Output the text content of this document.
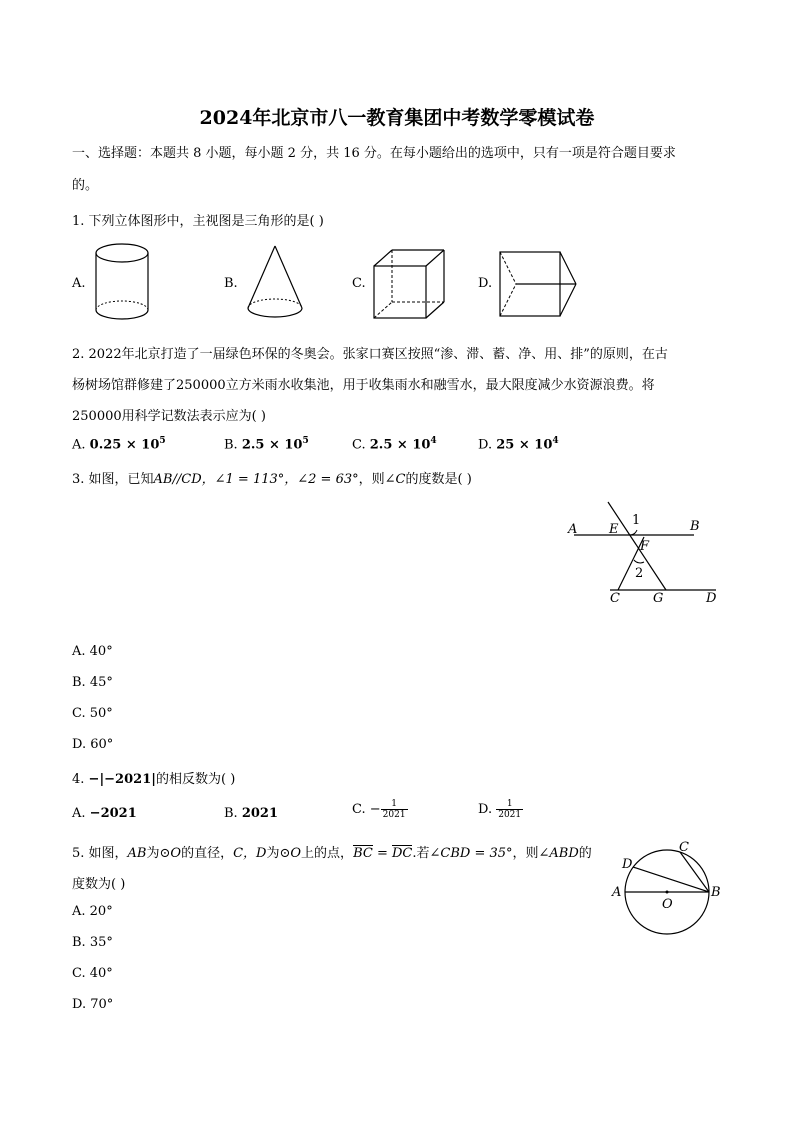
2024年北京市八一教育集团中考数学零模试卷
一、选择题：本题共 8 小题，每小题 2 分，共 16 分。在每小题给出的选项中，只有一项是符合题目要求
的。
1. 下列立体图形中，主视图是三角形的是( )
A.	B.	C.	D.
2. 2022年北京打造了一届绿色环保的冬奥会。张家口赛区按照“渗、滞、蓄、净、用、排”的原则，在古
杨树场馆群修建了250000立方米雨水收集池，用于收集雨水和融雪水，最大限度减少水资源浪费。将
250000用科学记数法表示应为( )
A. $0.25 \times 10^5$	B. $2.5 \times 10^5$	C. $2.5 \times 10^4$	D. $25 \times 10^4$
3. 如图，已知AB//CD，∠1 = 113°，∠2 = 63°，则∠C的度数是( )
A E
1	B
F
2
C	G	D
A. 40°
B. 45°
C. 50°
D. 60°
4. −|−2021|的相反数为( )
A. −2021	B. 2021	C. − $\frac{1}{2021}$	D. $\frac{1}{2021}$
5. 如图，AB为⊙O的直径，C，D为⊙O上的点，BC = DC.若∠CBD = 35°，则∠ABD的
度数为( )
A
D
C
B
O
A. 20°
B. 35°
C. 40°
D. 70°
